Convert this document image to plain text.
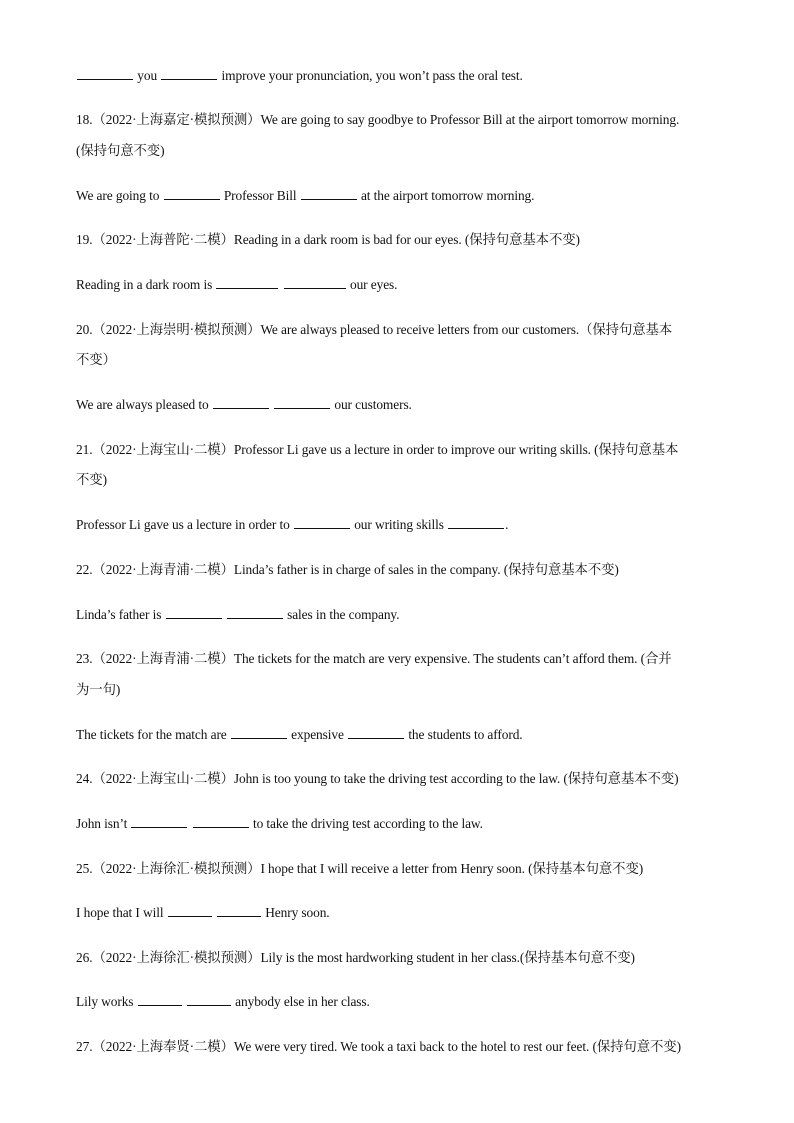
you	improve your pronunciation, you won’t pass the oral test.
18.（2022·上海嘉定·模拟预测）We are going to say goodbye to Professor Bill at the airport tomorrow morning.
(保持句意不变)
We are going to	Professor Bill	at the airport tomorrow morning.
19.（2022·上海普陀·二模）Reading in a dark room is bad for our eyes. (保持句意基本不变)
Reading in a dark room is	our eyes.
20.（2022·上海崇明·模拟预测）We are always pleased to receive letters from our customers.（保持句意基本
不变）
We are always pleased to	our customers.
21.（2022·上海宝山·二模）Professor Li gave us a lecture in order to improve our writing skills. (保持句意基本
不变)
Professor Li gave us a lecture in order to	our writing skills	.
22.（2022·上海青浦·二模）Linda’s father is in charge of sales in the company. (保持句意基本不变)
Linda’s father is	sales in the company.
23.（2022·上海青浦·二模）The tickets for the match are very expensive. The students can’t afford them. (合并
为一句)
The tickets for the match are	expensive	the students to afford.
24.（2022·上海宝山·二模）John is too young to take the driving test according to the law. (保持句意基本不变)
John isn’t	to take the driving test according to the law.
25.（2022·上海徐汇·模拟预测）I hope that I will receive a letter from Henry soon. (保持基本句意不变)
I hope that I will	Henry soon.
26.（2022·上海徐汇·模拟预测）Lily is the most hardworking student in her class.(保持基本句意不变)
Lily works	anybody else in her class.
27.（2022·上海奉贤·二模）We were very tired. We took a taxi back to the hotel to rest our feet. (保持句意不变)
